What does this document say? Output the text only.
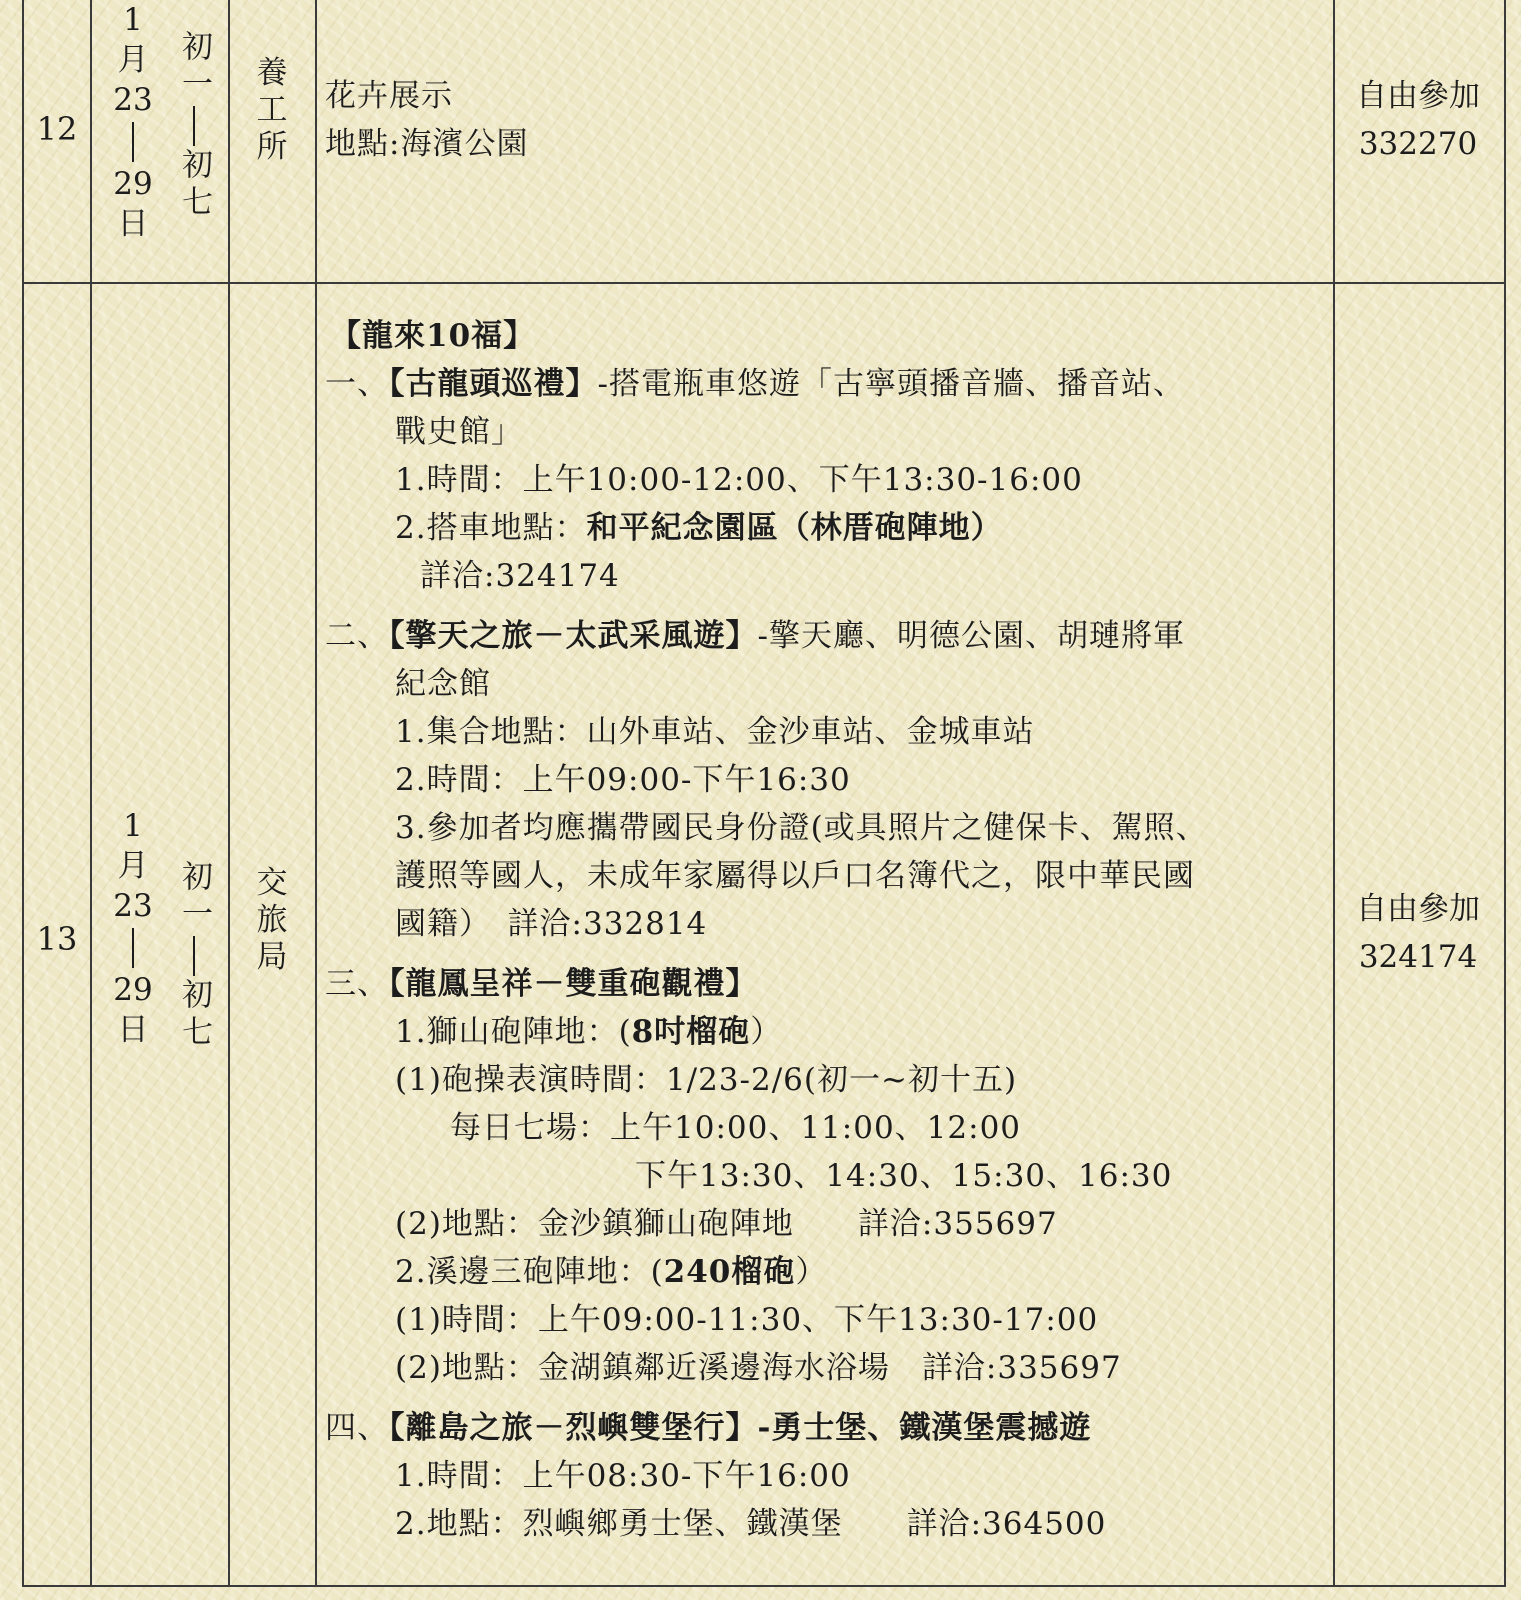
12
1
月
23
29
日
初一
初七
養
工
所
花卉展示
地點:海濱公園
自由參加
332270
13
1
月
23
29
日
初一
初七
交
旅
局
【龍來10福】
一、【古龍頭巡禮】-搭電瓶車悠遊「古寧頭播音牆、播音站、
戰史館」
1.時間：上午10:00-12:00、下午13:30-16:00
2.搭車地點：和平紀念園區（林厝砲陣地）
詳洽:324174
二、【擎天之旅－太武采風遊】-擎天廳、明德公園、胡璉將軍
紀念館
1.集合地點：山外車站、金沙車站、金城車站
2.時間：上午09:00-下午16:30
3.參加者均應攜帶國民身份證(或具照片之健保卡、駕照、
護照等國人，未成年家屬得以戶口名簿代之，限中華民國
國籍）　詳洽:332814
三、【龍鳳呈祥－雙重砲觀禮】
1.獅山砲陣地：(8吋榴砲）
(1)砲操表演時間：1/23-2/6(初一~初十五)
每日七場：上午10:00、11:00、12:00
下午13:30、14:30、15:30、16:30
(2)地點：金沙鎮獅山砲陣地　　詳洽:355697
2.溪邊三砲陣地：(240榴砲）
(1)時間：上午09:00-11:30、下午13:30-17:00
(2)地點：金湖鎮鄰近溪邊海水浴場　詳洽:335697
四、【離島之旅－烈嶼雙堡行】-勇士堡、鐵漢堡震撼遊
1.時間：上午08:30-下午16:00
2.地點：烈嶼鄉勇士堡、鐵漢堡　　詳洽:364500
自由參加
324174
